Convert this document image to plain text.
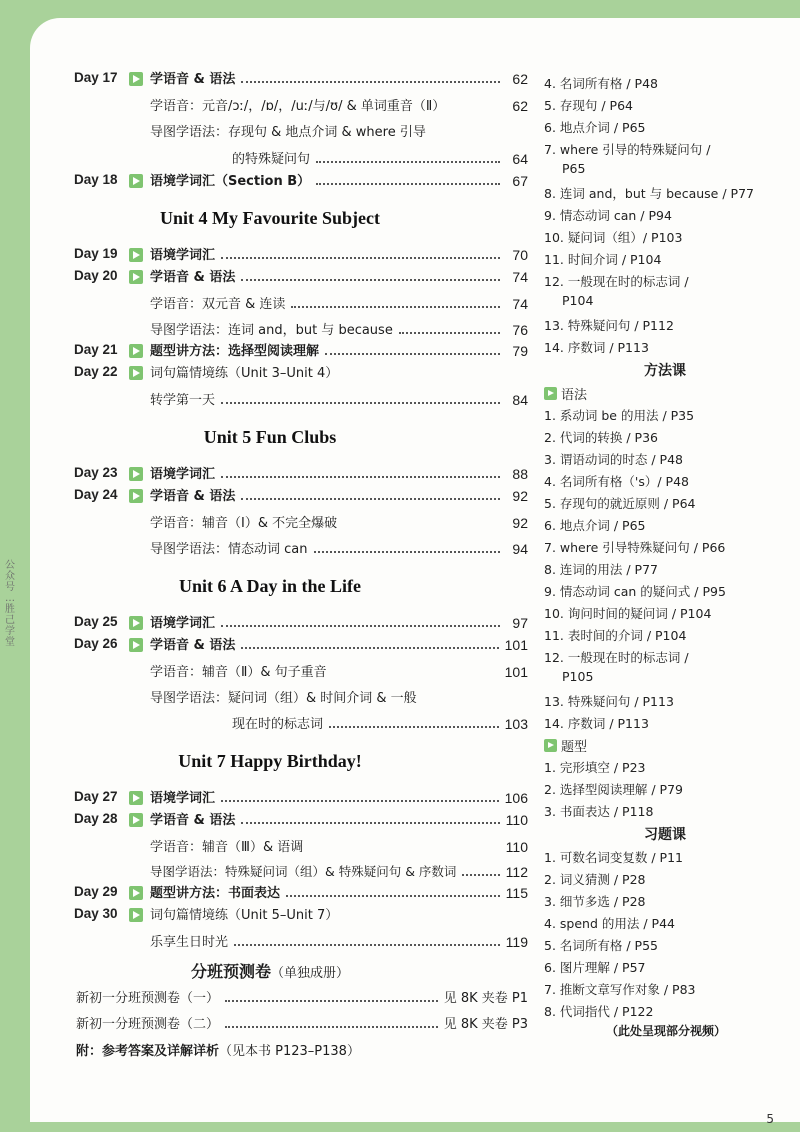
公
众
号
…
胜
己
学
堂
Day 17 学语音 & 语法	62
学语音：元音/ɔː/，/ɒ/，/uː/与/ʊ/ & 单词重音（Ⅱ）	62
导图学语法：存现句 & 地点介词 & where 引导
的特殊疑问句	64
Day 18 语境学词汇（Section B）	67
Unit 4 My Favourite Subject
Day 19 语境学词汇	70
Day 20 学语音 & 语法	74
学语音：双元音 & 连读	74
导图学语法：连词 and，but 与 because	76
Day 21 题型讲方法：选择型阅读理解	79
Day 22 词句篇情境练（Unit 3–Unit 4）
转学第一天	84
Unit 5 Fun Clubs
Day 23 语境学词汇	88
Day 24 学语音 & 语法	92
学语音：辅音（Ⅰ）& 不完全爆破	92
导图学语法：情态动词 can	94
Unit 6 A Day in the Life
Day 25 语境学词汇	97
Day 26 学语音 & 语法	101
学语音：辅音（Ⅱ）& 句子重音	101
导图学语法：疑问词（组）& 时间介词 & 一般
现在时的标志词	103
Unit 7 Happy Birthday!
Day 27 语境学词汇	106
Day 28 学语音 & 语法	110
学语音：辅音（Ⅲ）& 语调	110
导图学语法：特殊疑问词（组）& 特殊疑问句 & 序数词	112
Day 29 题型讲方法：书面表达	115
Day 30 词句篇情境练（Unit 5–Unit 7）
乐享生日时光	119
分班预测卷（单独成册）
新初一分班预测卷（一）	见 8K 夹卷 P1
新初一分班预测卷（二）	见 8K 夹卷 P3
附：参考答案及详解详析（见本书 P123–P138）
4. 名词所有格 / P48
5. 存现句 / P64
6. 地点介词 / P65
7. where 引导的特殊疑问句 /
P65
8. 连词 and，but 与 because / P77
9. 情态动词 can / P94
10. 疑问词（组）/ P103
11. 时间介词 / P104
12. 一般现在时的标志词 /
P104
13. 特殊疑问句 / P112
14. 序数词 / P113
方法课
语法
1. 系动词 be 的用法 / P35
2. 代词的转换 / P36
3. 谓语动词的时态 / P48
4. 名词所有格（'s）/ P48
5. 存现句的就近原则 / P64
6. 地点介词 / P65
7. where 引导特殊疑问句 / P66
8. 连词的用法 / P77
9. 情态动词 can 的疑问式 / P95
10. 询问时间的疑问词 / P104
11. 表时间的介词 / P104
12. 一般现在时的标志词 /
P105
13. 特殊疑问句 / P113
14. 序数词 / P113
题型
1. 完形填空 / P23
2. 选择型阅读理解 / P79
3. 书面表达 / P118
习题课
1. 可数名词变复数 / P11
2. 词义猜测 / P28
3. 细节多选 / P28
4. spend 的用法 / P44
5. 名词所有格 / P55
6. 图片理解 / P57
7. 推断文章写作对象 / P83
8. 代词指代 / P122
（此处呈现部分视频）
5
